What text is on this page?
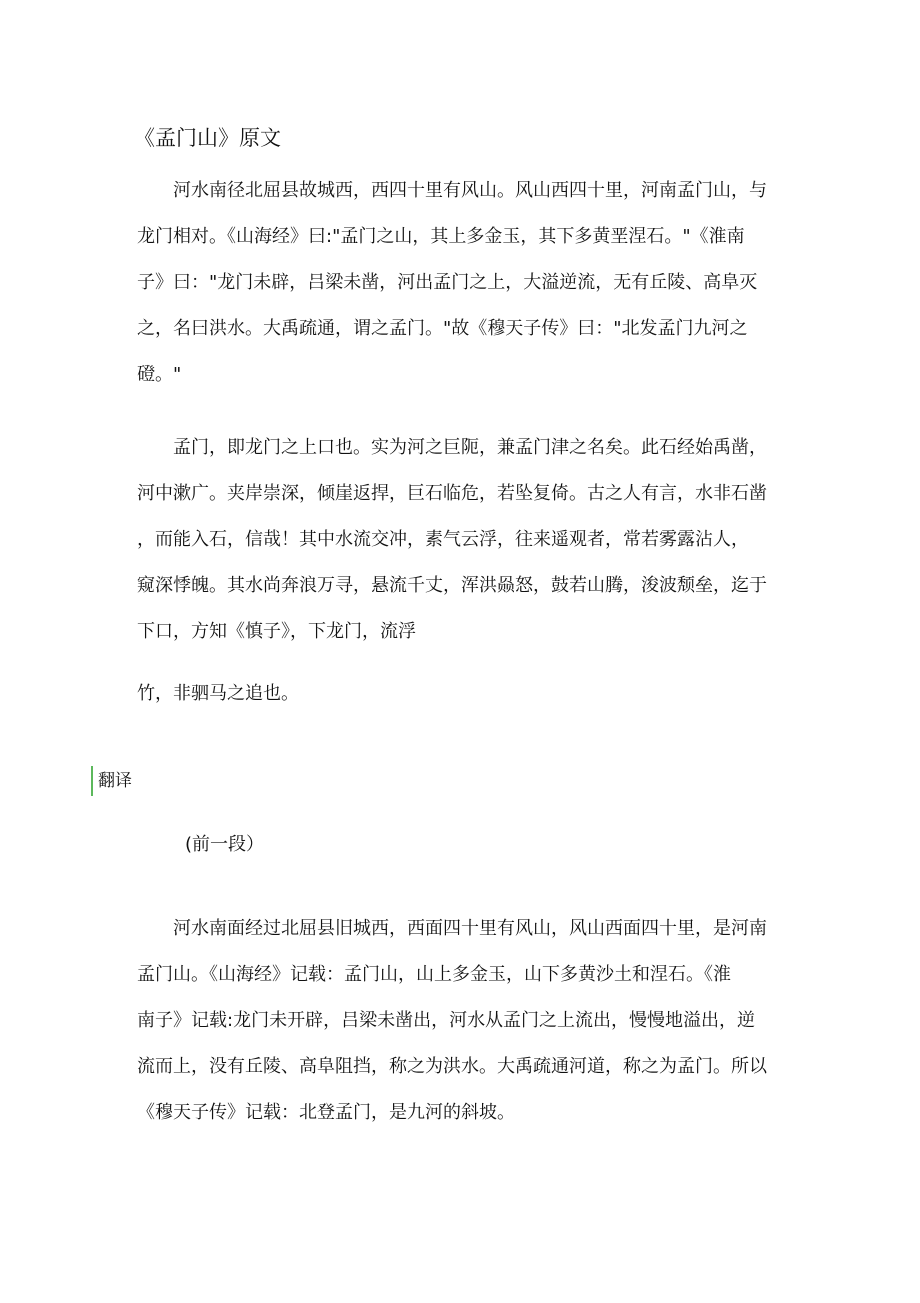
《孟门山》原文
河水南径北屈县故城西，西四十里有风山。风山西四十里，河南孟门山，与
龙门相对。《山海经》曰:"孟门之山，其上多金玉，其下多黄垩涅石。"《淮南
子》曰："龙门未辟，吕梁未凿，河出孟门之上，大溢逆流，无有丘陵、高阜灭
之，名曰洪水。大禹疏通，谓之孟门。"故《穆天子传》曰："北发孟门九河之
磴。"
孟门，即龙门之上口也。实为河之巨阨，兼孟门津之名矣。此石经始禹凿，
河中漱广。夹岸崇深，倾崖返捍，巨石临危，若坠复倚。古之人有言，水非石凿
，而能入石，信哉！其中水流交冲，素气云浮，往来遥观者，常若雾露沾人，
窥深悸魄。其水尚奔浪万寻，悬流千丈，浑洪赑怒，鼓若山腾，浚波颓垒，迄于
下口，方知《慎子》，下龙门，流浮
竹，非驷马之追也。
翻译
(前一段）
河水南面经过北屈县旧城西，西面四十里有风山，风山西面四十里，是河南
孟门山。《山海经》记载：孟门山，山上多金玉，山下多黄沙土和涅石。《淮
南子》记载:龙门未开辟，吕梁未凿出，河水从孟门之上流出，慢慢地溢出，逆
流而上，没有丘陵、高阜阻挡，称之为洪水。大禹疏通河道，称之为孟门。所以
《穆天子传》记载：北登孟门，是九河的斜坡。
